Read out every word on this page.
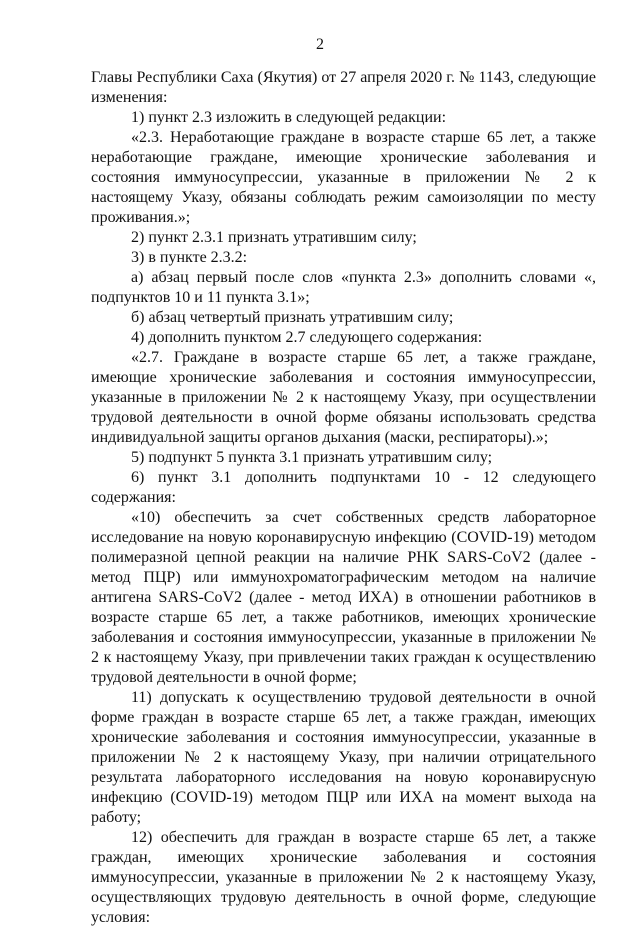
2

Главы Республики Саха (Якутия) от 27 апреля 2020 г. № 1143, следующие изменения:

1) пункт 2.3 изложить в следующей редакции:

«2.3. Неработающие граждане в возрасте старше 65 лет, а также неработающие граждане, имеющие хронические заболевания и состояния иммуносупрессии, указанные в приложении № 2 к настоящему Указу, обязаны соблюдать режим самоизоляции по месту проживания.»;

2) пункт 2.3.1 признать утратившим силу;

3) в пункте 2.3.2:

а) абзац первый после слов «пункта 2.3» дополнить словами «, подпунктов 10 и 11 пункта 3.1»;

б) абзац четвертый признать утратившим силу;

4) дополнить пунктом 2.7 следующего содержания:

«2.7. Граждане в возрасте старше 65 лет, а также граждане, имеющие хронические заболевания и состояния иммуносупрессии, указанные в приложении № 2 к настоящему Указу, при осуществлении трудовой деятельности в очной форме обязаны использовать средства индивидуальной защиты органов дыхания (маски, респираторы).»;

5) подпункт 5 пункта 3.1 признать утратившим силу;

6) пункт 3.1 дополнить подпунктами 10 - 12 следующего содержания:

«10) обеспечить за счет собственных средств лабораторное исследование на новую коронавирусную инфекцию (COVID-19) методом полимеразной цепной реакции на наличие РНК SARS-CoV2 (далее - метод ПЦР) или иммунохроматографическим методом на наличие антигена SARS-CoV2 (далее - метод ИХА) в отношении работников в возрасте старше 65 лет, а также работников, имеющих хронические заболевания и состояния иммуносупрессии, указанные в приложении № 2 к настоящему Указу, при привлечении таких граждан к осуществлению трудовой деятельности в очной форме;

11) допускать к осуществлению трудовой деятельности в очной форме граждан в возрасте старше 65 лет, а также граждан, имеющих хронические заболевания и состояния иммуносупрессии, указанные в приложении № 2 к настоящему Указу, при наличии отрицательного результата лабораторного исследования на новую коронавирусную инфекцию (COVID-19) методом ПЦР или ИХА на момент выхода на работу;

12) обеспечить для граждан в возрасте старше 65 лет, а также граждан, имеющих хронические заболевания и состояния иммуносупрессии, указанные в приложении № 2 к настоящему Указу, осуществляющих трудовую деятельность в очной форме, следующие условия:
